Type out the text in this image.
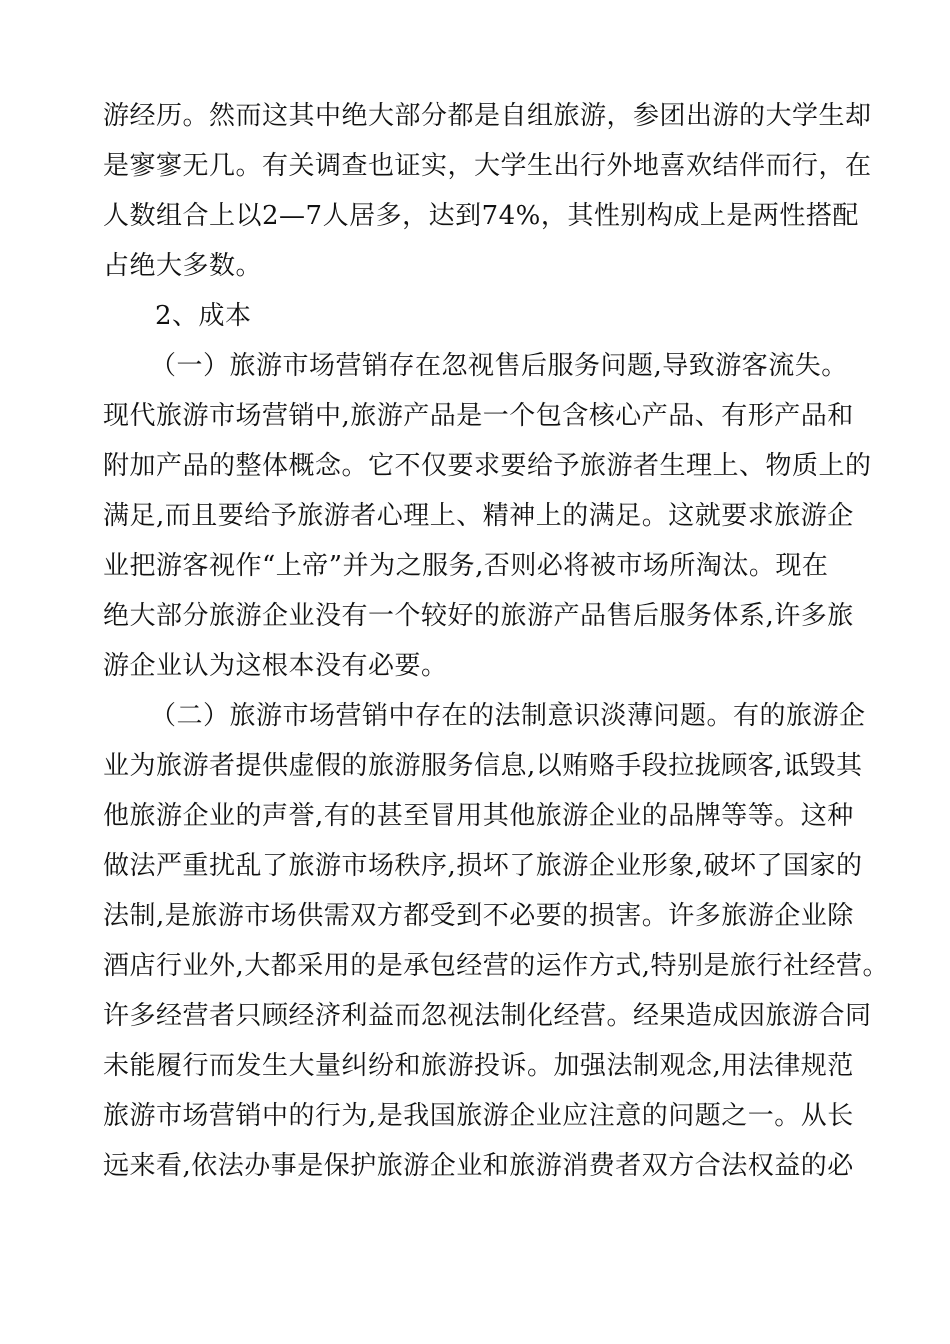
游经历。然而这其中绝大部分都是自组旅游，参团出游的大学生却
是寥寥无几。有关调查也证实，大学生出行外地喜欢结伴而行，在
人数组合上以2—7人居多，达到74%，其性别构成上是两性搭配
占绝大多数。
2、成本
（一）旅游市场营销存在忽视售后服务问题,导致游客流失。
现代旅游市场营销中,旅游产品是一个包含核心产品、有形产品和
附加产品的整体概念。它不仅要求要给予旅游者生理上、物质上的
满足,而且要给予旅游者心理上、精神上的满足。这就要求旅游企
业把游客视作“上帝”并为之服务,否则必将被市场所淘汰。现在
绝大部分旅游企业没有一个较好的旅游产品售后服务体系,许多旅
游企业认为这根本没有必要。
（二）旅游市场营销中存在的法制意识淡薄问题。有的旅游企
业为旅游者提供虚假的旅游服务信息,以贿赂手段拉拢顾客,诋毁其
他旅游企业的声誉,有的甚至冒用其他旅游企业的品牌等等。这种
做法严重扰乱了旅游市场秩序,损坏了旅游企业形象,破坏了国家的
法制,是旅游市场供需双方都受到不必要的损害。许多旅游企业除
酒店行业外,大都采用的是承包经营的运作方式,特别是旅行社经营。
许多经营者只顾经济利益而忽视法制化经营。经果造成因旅游合同
未能履行而发生大量纠纷和旅游投诉。加强法制观念,用法律规范
旅游市场营销中的行为,是我国旅游企业应注意的问题之一。从长
远来看,依法办事是保护旅游企业和旅游消费者双方合法权益的必
